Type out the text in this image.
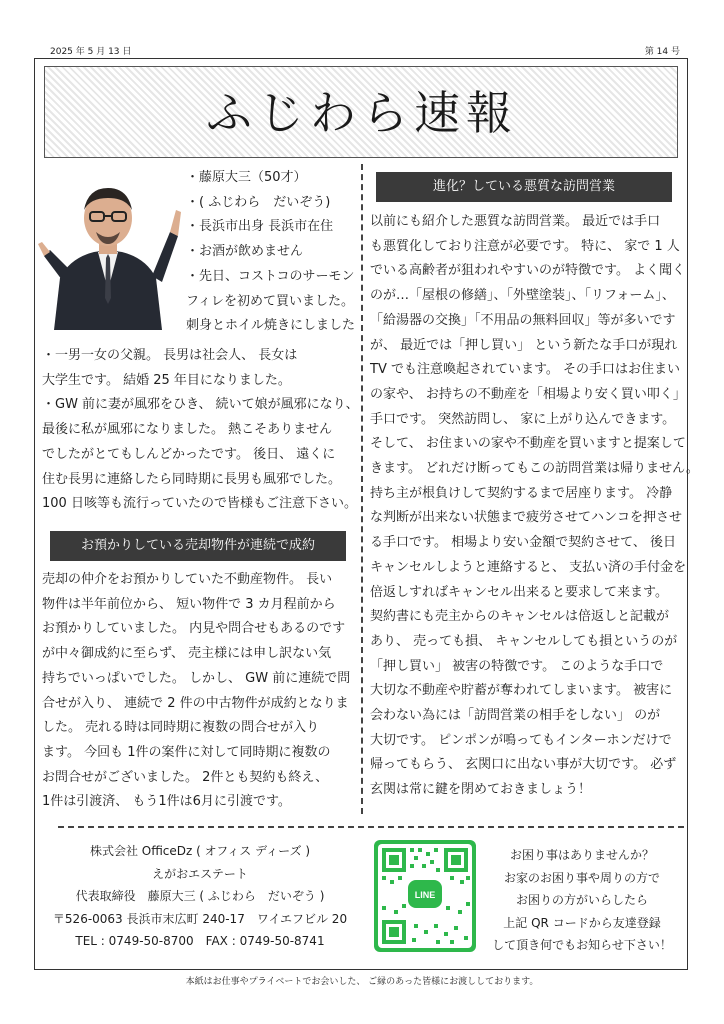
2025 年 5 月 13 日	第 14 号
ふじわら速報
・藤原大三（50才）
・( ふじわら　だいぞう)
・長浜市出身 長浜市在住
・お酒が飲めません
・先日、コストコのサーモン
フィレを初めて買いました。
刺身とホイル焼きにしました
・一男一女の父親。 長男は社会人、 長女は
大学生です。 結婚 25 年目になりました。
・GW 前に妻が風邪をひき、 続いて娘が風邪になり、
最後に私が風邪になりました。 熱こそありません
でしたがとてもしんどかったです。 後日、 遠くに
住む長男に連絡したら同時期に長男も風邪でした。
100 日咳等も流行っていたので皆様もご注意下さい。
お預かりしている売却物件が連続で成約
売却の仲介をお預かりしていた不動産物件。 長い
物件は半年前位から、 短い物件で 3 カ月程前から
お預かりしていました。 内見や問合せもあるのです
が中々御成約に至らず、 売主様には申し訳ない気
持ちでいっぱいでした。 しかし、 GW 前に連続で問
合せが入り、 連続で 2 件の中古物件が成約となりま
した。 売れる時は同時期に複数の問合せが入り
ます。 今回も 1件の案件に対して同時期に複数の
お問合せがございました。 2件とも契約も終え、
1件は引渡済、 もう1件は6月に引渡です。
進化？している悪質な訪問営業
以前にも紹介した悪質な訪問営業。 最近では手口
も悪質化しており注意が必要です。 特に、 家で 1 人
でいる高齢者が狙われやすいのが特徴です。 よく聞く
のが…「屋根の修繕」、「外壁塗装」、「リフォーム」、
「給湯器の交換」「不用品の無料回収」等が多いです
が、 最近では「押し買い」 という新たな手口が現れ
TV でも注意喚起されています。 その手口はお住まい
の家や、 お持ちの不動産を「相場より安く買い叩く」
手口です。 突然訪問し、 家に上がり込んできます。
そして、 お住まいの家や不動産を買いますと提案して
きます。 どれだけ断ってもこの訪問営業は帰りません。
持ち主が根負けして契約するまで居座ります。 冷静
な判断が出来ない状態まで疲労させてハンコを押させ
る手口です。 相場より安い金額で契約させて、 後日
キャンセルしようと連絡すると、 支払い済の手付金を
倍返しすればキャンセル出来ると要求して来ます。
契約書にも売主からのキャンセルは倍返しと記載が
あり、 売っても損、 キャンセルしても損というのが
「押し買い」 被害の特徴です。 このような手口で
大切な不動産や貯蓄が奪われてしまいます。 被害に
会わない為には「訪問営業の相手をしない」 のが
大切です。 ピンポンが鳴ってもインターホンだけで
帰ってもらう、 玄関口に出ない事が大切です。 必ず
玄関は常に鍵を閉めておきましょう！
株式会社 OfficeDz ( オフィス ディーズ )
えがおエステート
代表取締役　藤原大三 ( ふじわら　だいぞう )
〒526-0063 長浜市末広町 240-17　ワイエフビル 20
TEL : 0749-50-8700　FAX : 0749-50-8741
LINE
お困り事はありませんか？
お家のお困り事や周りの方で
お困りの方がいらしたら
上記 QR コードから友達登録
して頂き何でもお知らせ下さい！
本紙はお仕事やプライベートでお会いした、 ご縁のあった皆様にお渡ししております。
